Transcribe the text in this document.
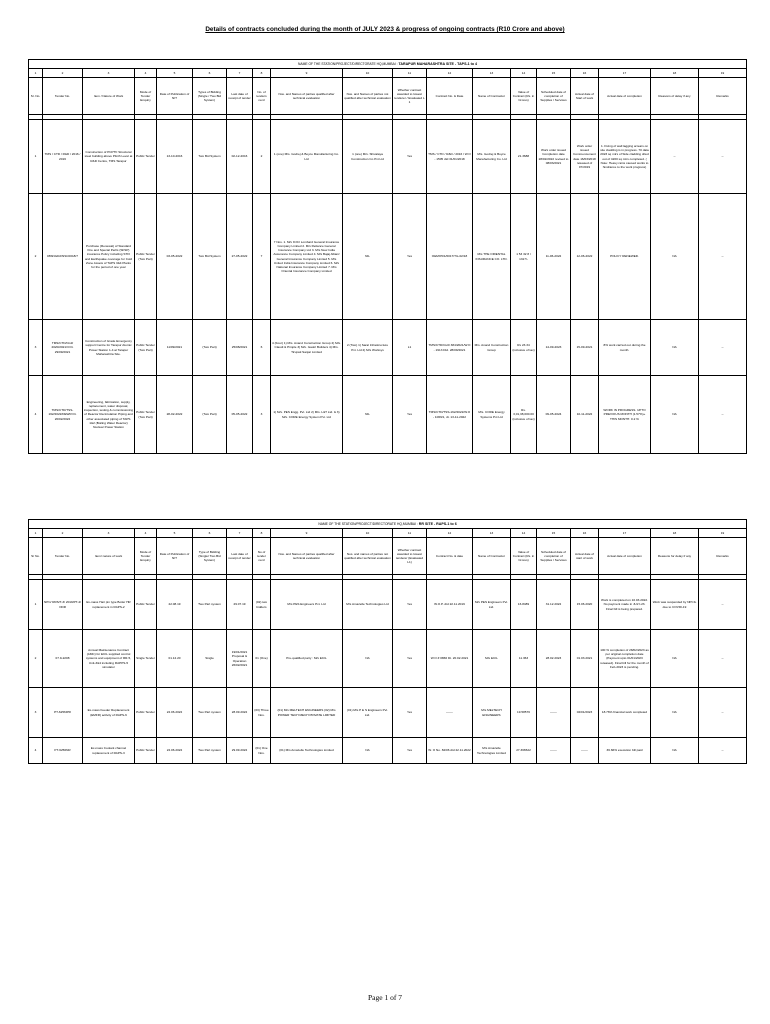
Details of contracts concluded during the month of JULY 2023 & progress of ongoing contracts (R10 Crore and above)
NAME OF THE STATION/PROJECT/DIRECTORATE HQ,MUMBAI : TARAPUR MAHARASHTRA SITE - TAPS-1 to 4																		
1	2	3	4	5	6	7	8	9	10	11	12	13	14	15	16	17	18	19
Sr. No.	Tender No.	Item / Nature of Work	Mode of Tender Enquiry	Date of Publication of NIT	Types of Bidding (Single / Two Bid System)	Last date of receipt of tender	No. of tenders recd	Nos. and Names of parties qualified after technical evaluation	Nos. and Names of parties not qualified after technical evaluation	Whether contract awarded to lowest tenderer / Evaluated L 1	Contract No. & Date	Name of Contractor	Value of Contract (Rs. in Crores)	Scheduled date of completion of Supplies / Services	Actual date of Start of work	Actual date of completion	Reasons of delay if any	Remarks

1	TMS / CTD / R&D / 2016 / 2016	Construction of PCPTF Structural steel building above Plinth Level at R&D Centre, TMS Tarapur	Public Tender	13-10-2016	Two Bid System	02-12-2016	2	1 (one) M/s. Godrej & Boyce Manufacturing Co. Ltd	1 (one) M/s. Shivalaya Construction Co Pvt Ltd	Yes	TMS / CTD / R&D / 2016 / W.O - 1505 dtd 31/01/2018	M/s. Godrej & Boyce Manufacturing Co. Ltd	21.3688	Work order issued Completion date 28/02/2022 revised to 08/03/2021	Work order issued Commencement date 16/03/2018 released of 07/2019	1. Fixing of wall lagging arrears on site cladding is in progress. 70 data 2023 sq mtrs of Side cladding dried out of 4200 sq mtrs completed. ( Note: Heavy rains caused works to hindrance to the work progress)	--	--
2	08SNGD2/NSC0018/7	Purchase (Renewal) of Standard Fire and Special Perils (SFSP) insurance Policy including STFI and Earthquake coverage for Cold Zone Assets of TAPS 3&4 Plants for the period of one year	Public Tender (Two Part)	03-05-2022	Two Bid System	27-05-2022	7	7 Nos. 1. M/s ICICI Lombard General Insurance Company Limited 2. M/s Reliance General Insurance Company Ltd 3. M/s New India Assurance Company Limited 4. M/s Bajaj Allianz General Insurance Company Limited 5. M/s United India Insurance Company Limited 6. M/s National Insurance Company Limited 7. M/s Oriental Insurance Company Limited	NIL	Yes	OEMO5/1/6017/TG-02/18	M/s THE ORIENTAL INSURANCE CO. LTD.	1 53 32 8 / 1317/-	11-06-2022	12-06-2022	POLICY RENEWED.	NA	--
3	TMS/CTD/Civil/ 2020/2021/3 Dt. 29/09/2021	Construction of Grade Emergency support Centre for Tarapur Atomic Power Station 1-4 at Tarapur Maharashtra Site.	Public Tender (Two Part)	11/09/2021	(Two Part)	25/08/2021	6	4 (Four) 1) M/s. Anand Construction Group 2) M/s. Claudi & Pimple 3) M/s. Gaotri Builders 4) M/s. Tirupati Sanjar Limited	2 (Two) 1) Saral Infrastructure Pvt. Ltd 2) M/s Worksys	L1	TMS/CTD/Civil/ 384/2021/W.O - 1913 Dtd. 28/09/2021	M/s. Anand Construction Group	Rs 23.34 (inclusive of tax)	14-09-2023	15-09-2021	8% work carried out during the month.	NA	--
4	TMS/CTD/TSS-162/2022/DEWR Dt. 20/02/2022	Engineering, fabrication, supply, replacement, water disposal, inspection, testing & commissioning of Reactor Recirculation Piping and other associated piping of TAPS 1&2 (Boiling Water Reactor) Nuclear Power Station	Public Tender (Two Part)	28-02-2022	(Two Part)	05-05-2022	3	1) M/s. PES Engg. Pvt. Ltd 2) M/s. L&T Ltd. & 3) M/s. CORE Energy System Pvt. Ltd	NIL	Yes	TMS/CTD/TSS-162/2022/W.O - 1069/1, dt. 13-11-2022	M/s. CORE Energy Systems Pvt Ltd	Rs. 3,01,38,000.00 (inclusive of tax)	09-05-2024	10-11-2022	WORK IN PROGRESS. UPTO PREVIOUS MONTH (1.57%)+ THIS MONTH: 0.2 %	NA	--
NAME OF THE STATION/PROJECT/DIRECTORATE HQ,MUMBAI : RR SITE - RAPS-1 to 6																		
1	2	3	4	5	6	7	8	9	10	11	12	13	14	15	16	17	18	19
Sr No.	Tender No.	Item/ nature of work	Mode of Tender Enquiry	Date of Publication of NIT	Type of Bidding (Single/ Two Bid System)	Last date of receipt of tender	No of tender recd	Nos. and Names of parties qualified after technical evaluation	Nos. and names of parties not qualified after technical evaluation	Whether contract awarded to lowest tenderer (Evaluated L1)	Contract No. & date	Name of Contractor	Value of Contract (Rs. in Crores)	Scheduled date of completion of Supplies / Services	Actual date of start of work	Actual date of completion	Reasons for delay if any	Remarks

1	NPC/ RRS/T-3/ 2019/PT-4/ ODR	Ex-mass Hair pin type Boiler HR replacement in RAPS-2	Public Tender	22.08.19	Two Part system	29.07.19	(02) two bidders	M/s PES Engineers Pvt. Ltd	M/s Amazelle Technologies Ltd	Yes	W.O.P. dtd 22.11.2019	M/s PES Engineers Pvt. Ltd.	16.8489	31.12.2022	15.06.2020	Work is completed on 10.03.2022. No payment made in JULY-23. Final bill is being prepared.	Work was suspended by NPCIL due to COVID-19	--
2	07.9-2208	Annual Maintenance Contract (AMC) for ECIL supplied control systems and equipment of RR-5, Unit-3&4 including RAPPS-5 simulator	Single Tender	01.12.20	Single	19/01/2021 Proposal & Operation 26/02/2021	01 (One)	Pre-qualified party : M/s ECIL	NA	Yes	W.O # 0866 Dt. 20.02.2021	M/s ECIL	11.363	28.02.2023	01.03.2021	100 % completion of 28/02/2023 as per original completion date (Payment upto 01/01/2023 released). Final bill for the month of Feb-2023 is pending.	NA	--
3	PT-6256IPR	Ex-mass Feeder Replacement (EMFR) activity of RAPS-6	Public Tender	22.06.2022	Two Part system	28.09.2022	(03) Three Nos.	(01) M/s MELTECH ENGINEERS (02) M/s POWER TECH MECH PRIVATE LIMITED	(01) M/s P E S Engineers Pvt. Ltd.	Yes	-------	M/s MELTECH ENGINEERS	19.58576	-------	02/01/2023	18.76% financial work completed	NA	--
4	PT-6256NR	Ex-mass Coolant channel replacement of RAPS-3	Public Tender	22.06.2022	Two Part system	29.09.2022	(01) One Nos.	(01) M/s Amazelle Technologies Limited	NA	Yes	W. O No. 84/06 dtd 22.11.2022	M/s Amazelle Technologies Limited	27.366522	-------	-------	36.66% execution bill paid	NA	--
Page 1 of 7
